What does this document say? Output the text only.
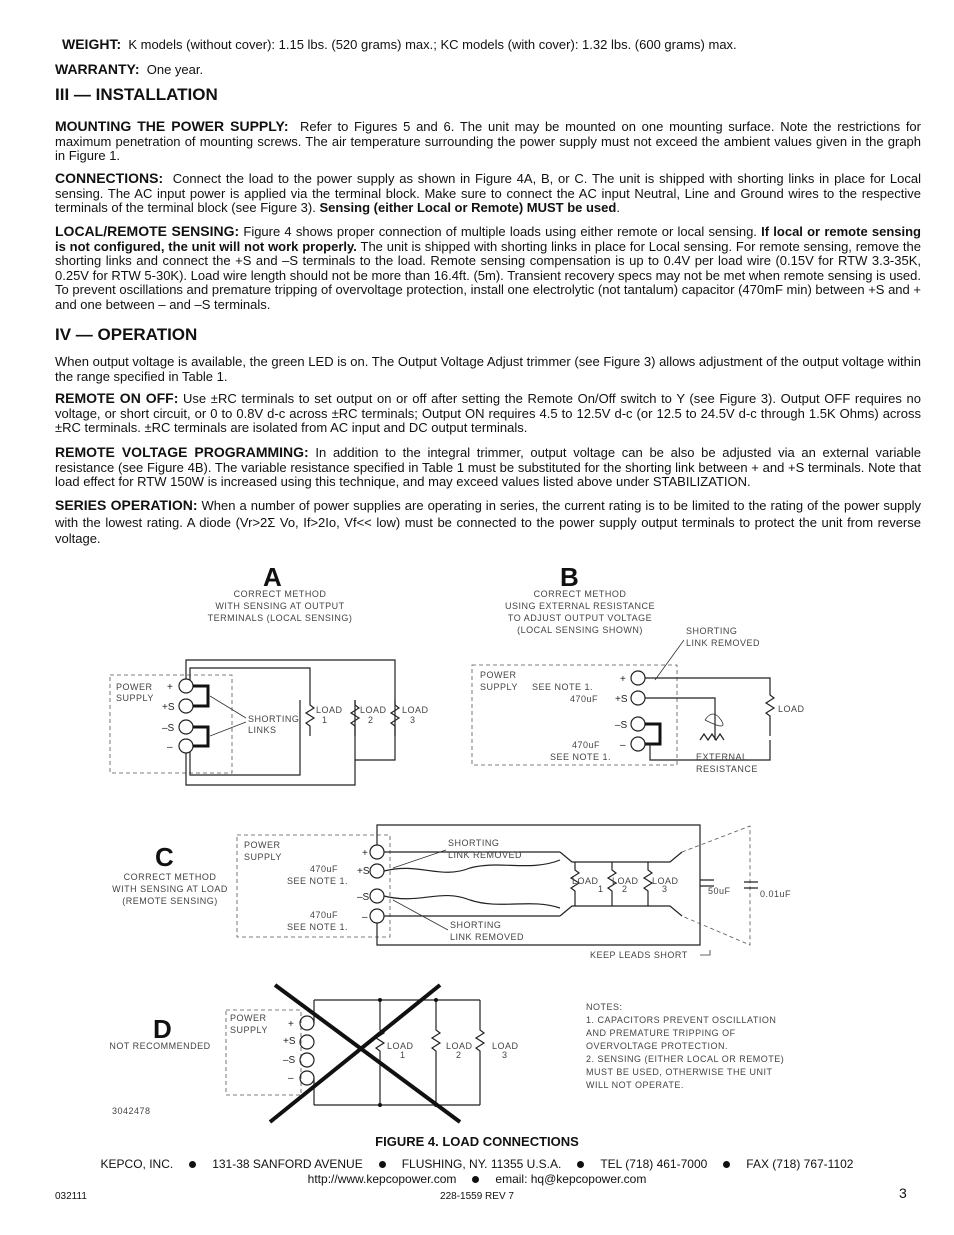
WEIGHT: K models (without cover): 1.15 lbs. (520 grams) max.; KC models (with cover): 1.32 lbs. (600 grams) max.
WARRANTY: One year.
III — INSTALLATION
MOUNTING THE POWER SUPPLY: Refer to Figures 5 and 6. The unit may be mounted on one mounting surface. Note the restrictions for maximum penetration of mounting screws. The air temperature surrounding the power supply must not exceed the ambient values given in the graph in Figure 1.
CONNECTIONS: Connect the load to the power supply as shown in Figure 4A, B, or C. The unit is shipped with shorting links in place for Local sensing. The AC input power is applied via the terminal block. Make sure to connect the AC input Neutral, Line and Ground wires to the respective terminals of the terminal block (see Figure 3). Sensing (either Local or Remote) MUST be used.
LOCAL/REMOTE SENSING: Figure 4 shows proper connection of multiple loads using either remote or local sensing. If local or remote sensing is not configured, the unit will not work properly. The unit is shipped with shorting links in place for Local sensing. For remote sensing, remove the shorting links and connect the +S and –S terminals to the load. Remote sensing compensation is up to 0.4V per load wire (0.15V for RTW 3.3-35K, 0.25V for RTW 5-30K). Load wire length should not be more than 16.4ft. (5m). Transient recovery specs may not be met when remote sensing is used. To prevent oscillations and premature tripping of overvoltage protection, install one electrolytic (not tantalum) capacitor (470mF min) between +S and + and one between – and –S terminals.
IV — OPERATION
When output voltage is available, the green LED is on. The Output Voltage Adjust trimmer (see Figure 3) allows adjustment of the output voltage within the range specified in Table 1.
REMOTE ON OFF: Use ±RC terminals to set output on or off after setting the Remote On/Off switch to Y (see Figure 3). Output OFF requires no voltage, or short circuit, or 0 to 0.8V d-c across ±RC terminals; Output ON requires 4.5 to 12.5V d-c (or 12.5 to 24.5V d-c through 1.5K Ohms) across ±RC terminals. ±RC terminals are isolated from AC input and DC output terminals.
REMOTE VOLTAGE PROGRAMMING: In addition to the integral trimmer, output voltage can be also be adjusted via an external variable resistance (see Figure 4B). The variable resistance specified in Table 1 must be substituted for the shorting link between + and +S terminals. Note that load effect for RTW 150W is increased using this technique, and may exceed values listed above under STABILIZATION.
SERIES OPERATION: When a number of power supplies are operating in series, the current rating is to be limited to the rating of the power supply with the lowest rating. A diode (Vr>2Σ Vo, If>2Io, Vf<< low) must be connected to the power supply output terminals to protect the unit from reverse voltage.
A
CORRECT METHOD
WITH SENSING AT OUTPUT
TERMINALS (LOCAL SENSING)
POWER
SUPPLY
+
+S
–S
–
LOAD
1
LOAD
2
LOAD
3
SHORTING
LINKS
B
CORRECT METHOD
USING EXTERNAL RESISTANCE
TO ADJUST OUTPUT VOLTAGE
(LOCAL SENSING SHOWN)
POWER
SUPPLY SEE NOTE 1.
470uF
470uF
SEE NOTE 1.
+
+S
–S
–
LOAD
SHORTING
LINK REMOVED
EXTERNAL
RESISTANCE
C
CORRECT METHOD
WITH SENSING AT LOAD
(REMOTE SENSING)
POWER
SUPPLY
470uF
SEE NOTE 1.
470uF
SEE NOTE 1.
+
+S
–S
–
LOAD
1
LOAD
2
LOAD
3	50uF	0.01uF
SHORTING
LINK REMOVED
SHORTING
LINK REMOVED
KEEP LEADS SHORT
D
NOT RECOMMENDED
POWER
SUPPLY +
+S
–S
–
LOAD
1
LOAD
2
LOAD
3
3042478
NOTES:
1. CAPACITORS PREVENT OSCILLATION
AND PREMATURE TRIPPING OF
OVERVOLTAGE PROTECTION.
2. SENSING (EITHER LOCAL OR REMOTE)
MUST BE USED, OTHERWISE THE UNIT
WILL NOT OPERATE.
FIGURE 4. LOAD CONNECTIONS
KEPCO, INC.	131-38 SANFORD AVENUE	FLUSHING, NY. 11355 U.S.A.	TEL (718) 461-7000	FAX (718) 767-1102
http://www.kepcopower.com	email: hq@kepcopower.com
032111	228-1559 REV 7	3
